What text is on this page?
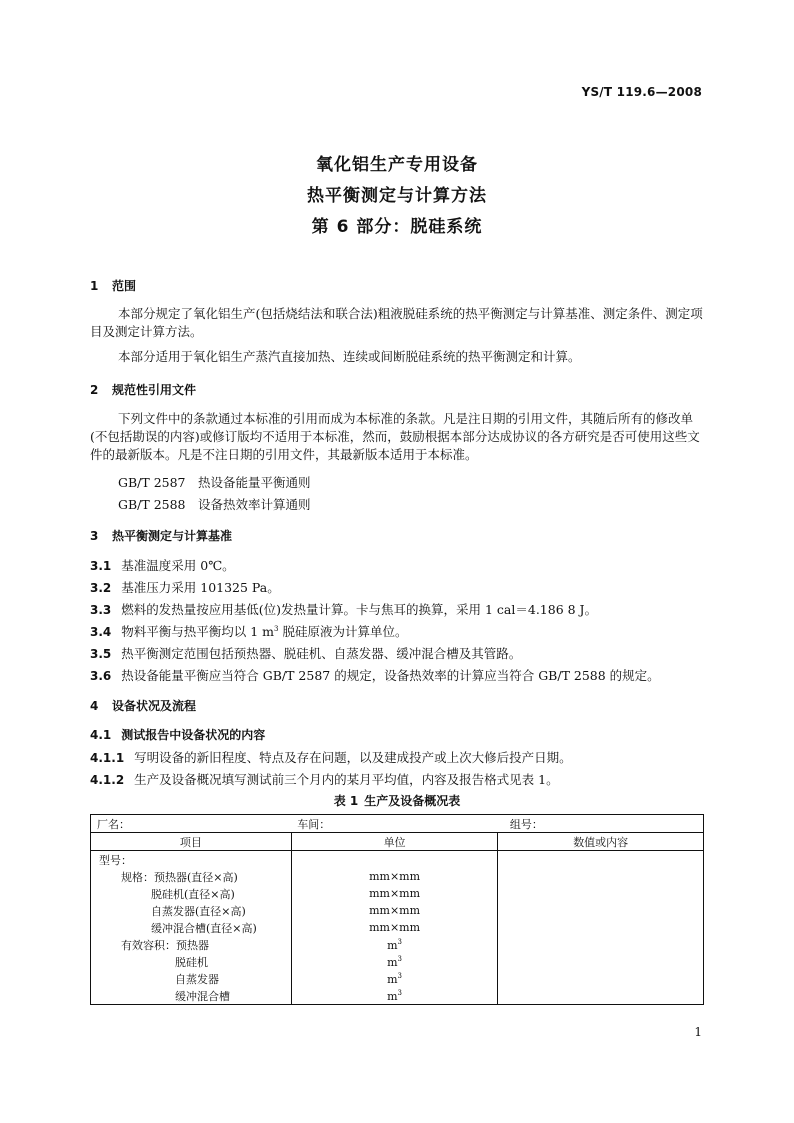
YS/T 119.6—2008
氧化铝生产专用设备
热平衡测定与计算方法
第 6 部分：脱硅系统
1 范围
本部分规定了氧化铝生产(包括烧结法和联合法)粗液脱硅系统的热平衡测定与计算基准、测定条件、测定项目及测定计算方法。
本部分适用于氧化铝生产蒸汽直接加热、连续或间断脱硅系统的热平衡测定和计算。
2 规范性引用文件
下列文件中的条款通过本标准的引用而成为本标准的条款。凡是注日期的引用文件，其随后所有的修改单(不包括勘误的内容)或修订版均不适用于本标准，然而，鼓励根据本部分达成协议的各方研究是否可使用这些文件的最新版本。凡是不注日期的引用文件，其最新版本适用于本标准。
GB/T 2587　热设备能量平衡通则
GB/T 2588　设备热效率计算通则
3 热平衡测定与计算基准
3.1 基准温度采用 0℃。
3.2 基准压力采用 101325 Pa。
3.3 燃料的发热量按应用基低(位)发热量计算。卡与焦耳的换算，采用 1 cal＝4.186 8 J。
3.4 物料平衡与热平衡均以 1 $m^3$ 脱硅原液为计算单位。
3.5 热平衡测定范围包括预热器、脱硅机、自蒸发器、缓冲混合槽及其管路。
3.6 热设备能量平衡应当符合 GB/T 2587 的规定，设备热效率的计算应当符合 GB/T 2588 的规定。
4 设备状况及流程
4.1 测试报告中设备状况的内容
4.1.1 写明设备的新旧程度、特点及存在问题，以及建成投产或上次大修后投产日期。
4.1.2 生产及设备概况填写测试前三个月内的某月平均值，内容及报告格式见表 1。
表 1 生产及设备概况表
厂名：	车间：	组号：
项目	单位	数值或内容
型号：		
规格：预热器(直径×高)	mm×mm	
脱硅机(直径×高)	mm×mm	
自蒸发器(直径×高)	mm×mm	
缓冲混合槽(直径×高)	mm×mm	
有效容积：预热器	$m^3$	
脱硅机	$m^3$	
自蒸发器	$m^3$	
缓冲混合槽	$m^3$	
1
